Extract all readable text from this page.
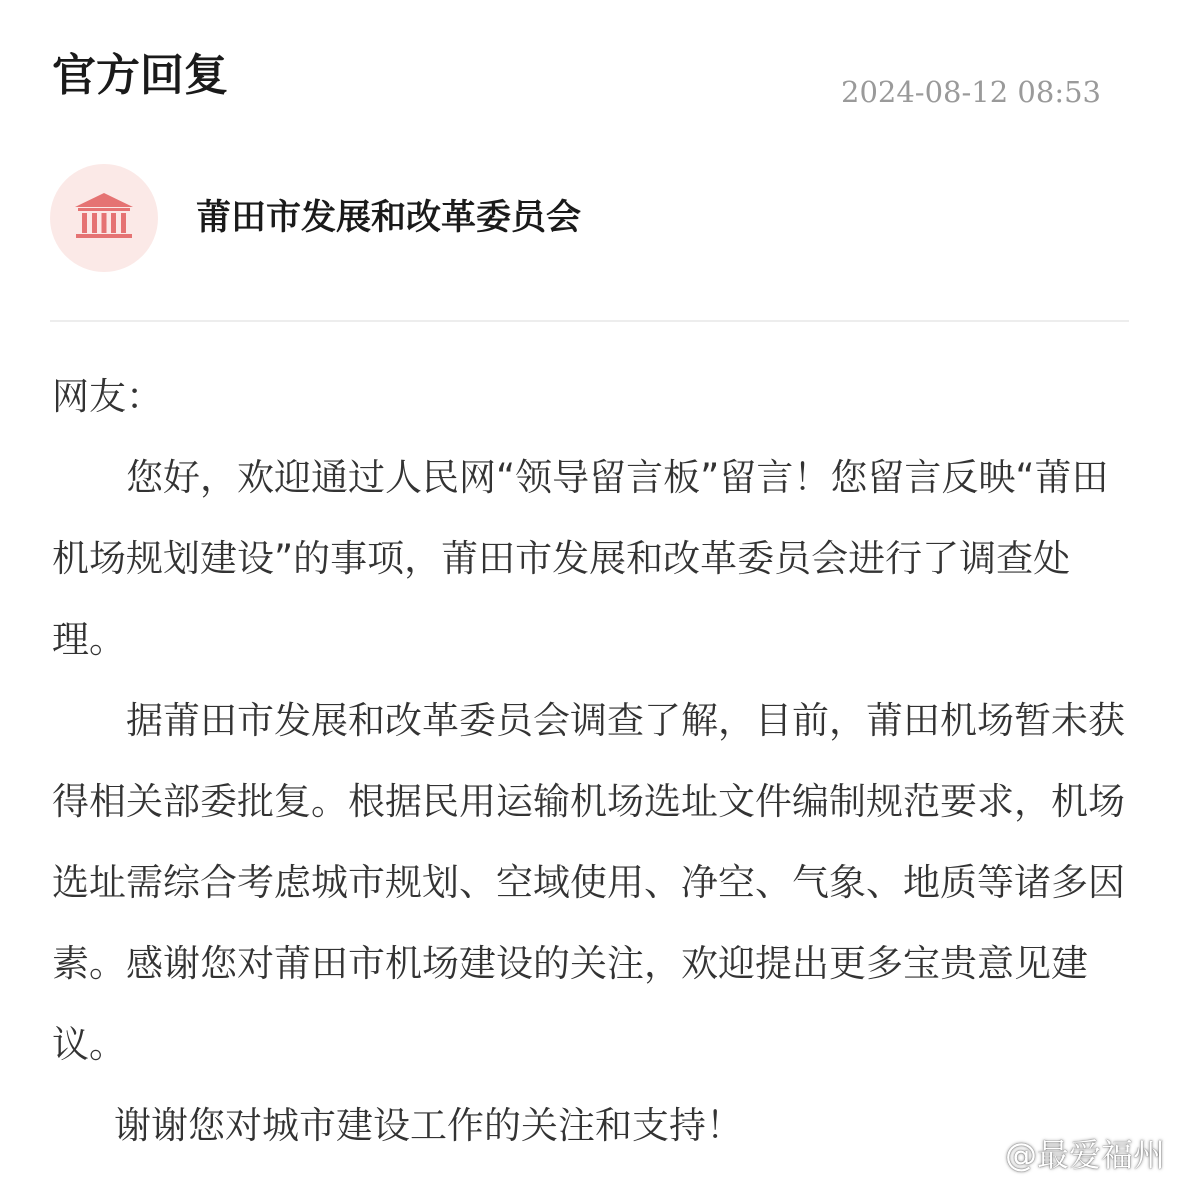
官方回复	2024-08-12 08:53
莆田市发展和改革委员会

网友：

您好，欢迎通过人民网“领导留言板”留言！您留言反映“莆田机场规划建设”的事项，莆田市发展和改革委员会进行了调查处理。

据莆田市发展和改革委员会调查了解，目前，莆田机场暂未获得相关部委批复。根据民用运输机场选址文件编制规范要求，机场选址需综合考虑城市规划、空域使用、净空、气象、地质等诸多因素。感谢您对莆田市机场建设的关注，欢迎提出更多宝贵意见建议。

谢谢您对城市建设工作的关注和支持！

@最爱福州
